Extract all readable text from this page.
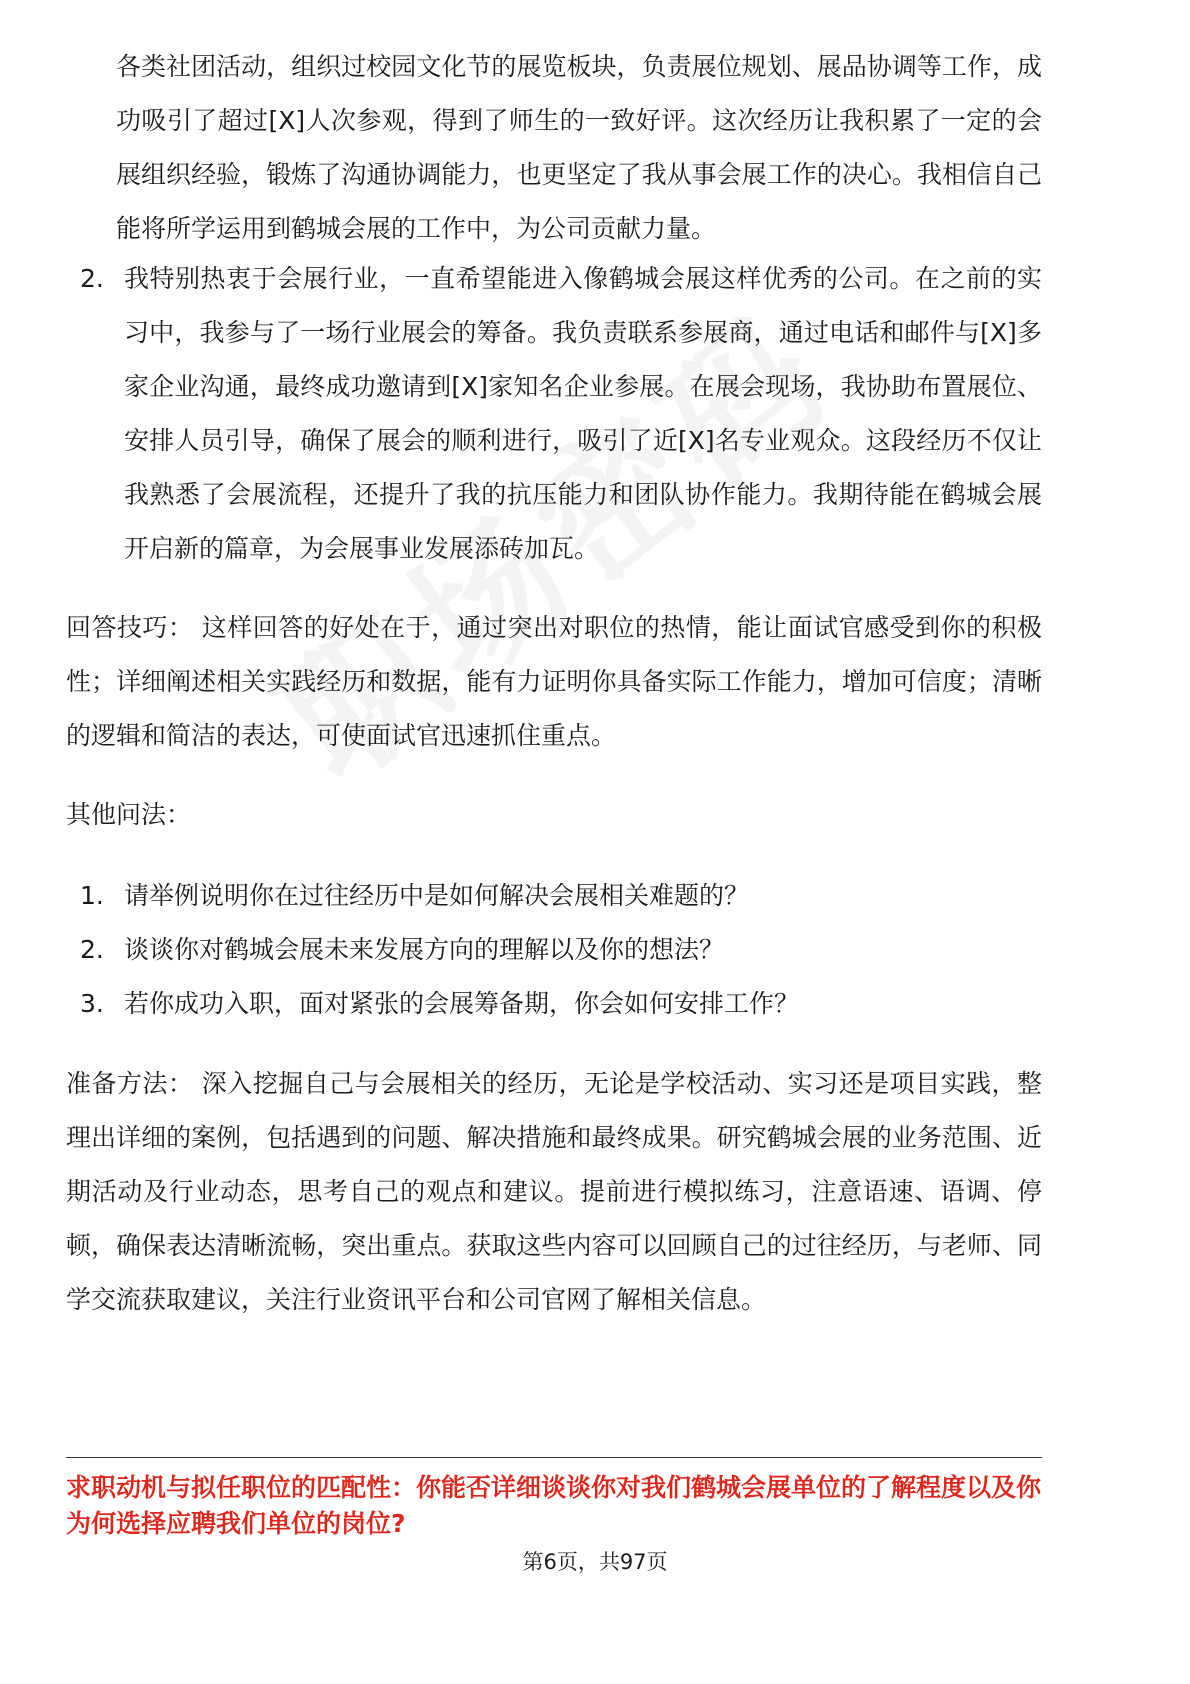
各类社团活动，组织过校园文化节的展览板块，负责展位规划、展品协调等工作，成功吸引了超过[X]人次参观，得到了师生的一致好评。这次经历让我积累了一定的会展组织经验，锻炼了沟通协调能力，也更坚定了我从事会展工作的决心。我相信自己能将所学运用到鹤城会展的工作中，为公司贡献力量。

2. 我特别热衷于会展行业，一直希望能进入像鹤城会展这样优秀的公司。在之前的实习中，我参与了一场行业展会的筹备。我负责联系参展商，通过电话和邮件与[X]多家企业沟通，最终成功邀请到[X]家知名企业参展。在展会现场，我协助布置展位、安排人员引导，确保了展会的顺利进行，吸引了近[X]名专业观众。这段经历不仅让我熟悉了会展流程，还提升了我的抗压能力和团队协作能力。我期待能在鹤城会展开启新的篇章，为会展事业发展添砖加瓦。

回答技巧： 这样回答的好处在于，通过突出对职位的热情，能让面试官感受到你的积极性；详细阐述相关实践经历和数据，能有力证明你具备实际工作能力，增加可信度；清晰的逻辑和简洁的表达，可使面试官迅速抓住重点。

其他问法：

1. 请举例说明你在过往经历中是如何解决会展相关难题的？
2. 谈谈你对鹤城会展未来发展方向的理解以及你的想法？
3. 若你成功入职，面对紧张的会展筹备期，你会如何安排工作？

准备方法： 深入挖掘自己与会展相关的经历，无论是学校活动、实习还是项目实践，整理出详细的案例，包括遇到的问题、解决措施和最终成果。研究鹤城会展的业务范围、近期活动及行业动态，思考自己的观点和建议。提前进行模拟练习，注意语速、语调、停顿，确保表达清晰流畅，突出重点。获取这些内容可以回顾自己的过往经历，与老师、同学交流获取建议，关注行业资讯平台和公司官网了解相关信息。

求职动机与拟任职位的匹配性：你能否详细谈谈你对我们鹤城会展单位的了解程度以及你为何选择应聘我们单位的岗位?

第6页，共97页
